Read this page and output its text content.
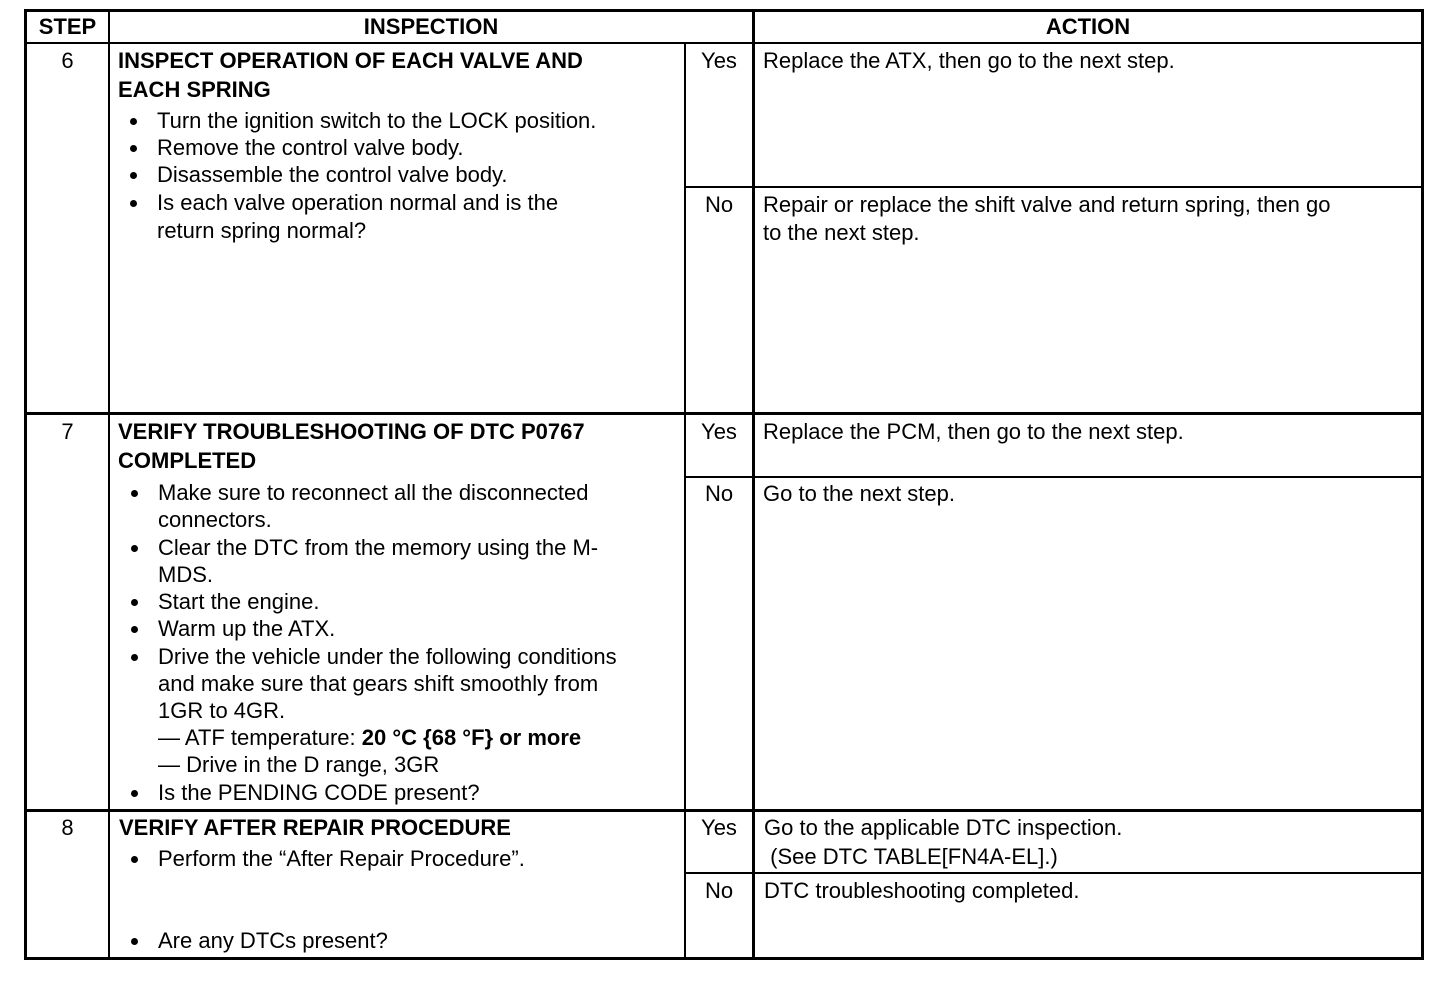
STEP	INSPECTION	ACTION
6	INSPECT OPERATION OF EACH VALVE AND
EACH SPRING
Turn the ignition switch to the LOCK position.
Remove the control valve body.
Disassemble the control valve body.
Is each valve operation normal and is the
return spring normal?
Yes	Replace the ATX, then go to the next step.
No	Repair or replace the shift valve and return spring, then go
to the next step.
7	VERIFY TROUBLESHOOTING OF DTC P0767
COMPLETED
Make sure to reconnect all the disconnected
connectors.
Clear the DTC from the memory using the M-
MDS.
Start the engine.
Warm up the ATX.
Drive the vehicle under the following conditions
and make sure that gears shift smoothly from
1GR to 4GR.
— ATF temperature: 20 °C {68 °F} or more
— Drive in the D range, 3GR
Is the PENDING CODE present?
Yes	Replace the PCM, then go to the next step.
No	Go to the next step.
8	VERIFY AFTER REPAIR PROCEDURE
Perform the “After Repair Procedure”.
Are any DTCs present?
Yes	Go to the applicable DTC inspection.
(See DTC TABLE[FN4A-EL].)
No	DTC troubleshooting completed.
